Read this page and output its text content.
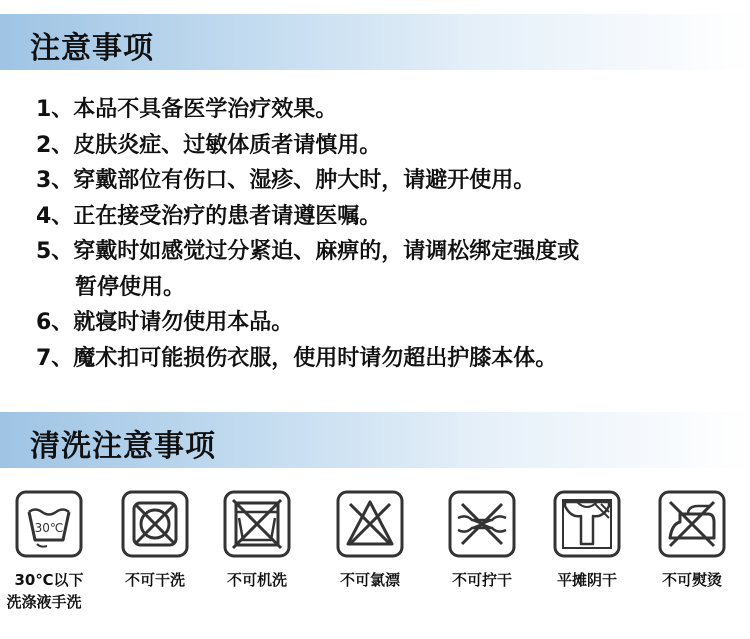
注意事项
1、本品不具备医学治疗效果。
2、皮肤炎症、过敏体质者请慎用。
3、穿戴部位有伤口、湿疹、肿大时，请避开使用。
4、正在接受治疗的患者请遵医嘱。
5、穿戴时如感觉过分紧迫、麻痹的，请调松绑定强度或
暂停使用。
6、就寝时请勿使用本品。
7、魔术扣可能损伤衣服，使用时请勿超出护膝本体。
清洗注意事项
30℃
30℃以下
洗涤液手洗
不可干洗	不可机洗	不可氯漂	不可拧干	平摊阴干	不可熨烫
